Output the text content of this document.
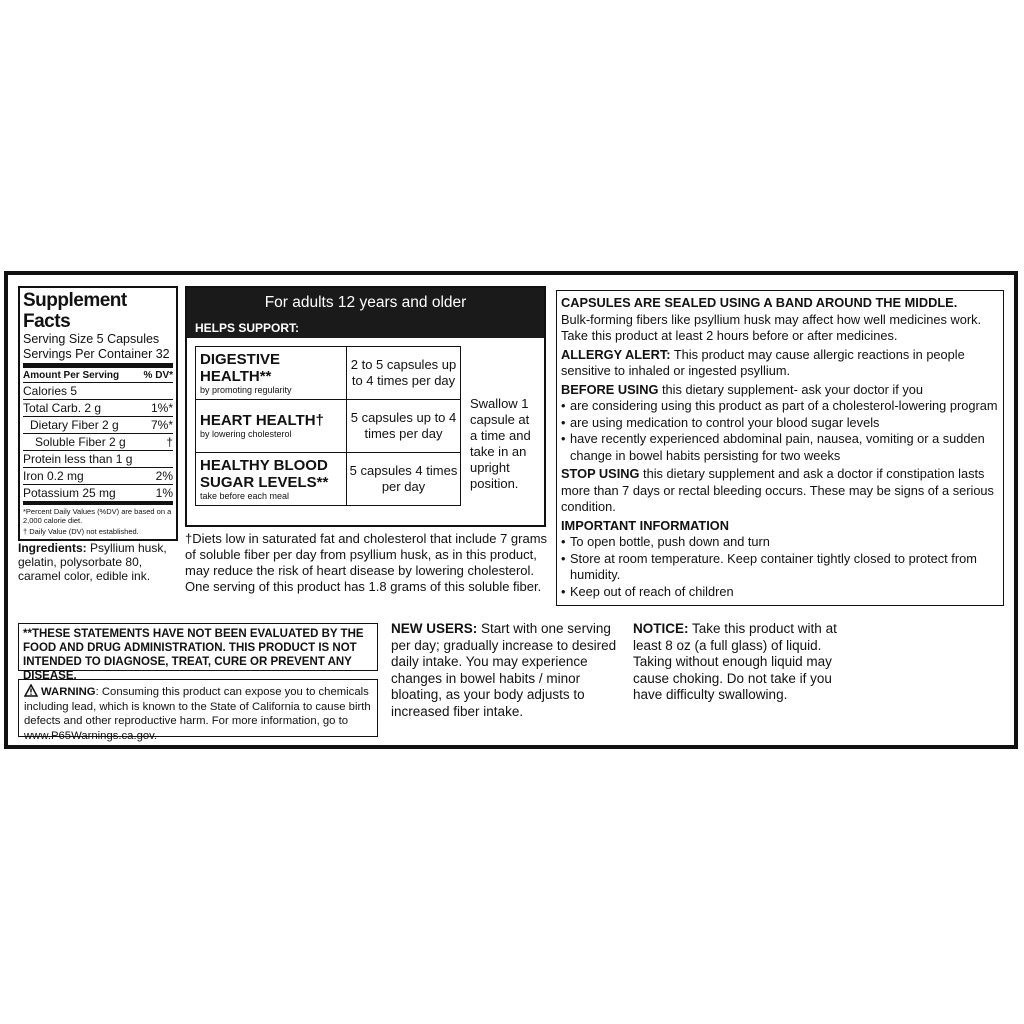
Supplement Facts
Serving Size 5 Capsules
Servings Per Container 32
Amount Per Serving % DV*
Calories 5
Total Carb. 2 g	1%*
Dietary Fiber 2 g	7%*
Soluble Fiber 2 g	†
Protein less than 1 g
Iron 0.2 mg	2%
Potassium 25 mg	1%
*Percent Daily Values (%DV) are based on a 2,000 calorie diet.
† Daily Value (DV) not established.
Ingredients: Psyllium husk, gelatin, polysorbate 80, caramel color, edible ink.
For adults 12 years and older
HELPS SUPPORT:
DIGESTIVE HEALTH**
by promoting regularity	2 to 5 capsules up to 4 times per day

HEART HEALTH†
by lowering cholesterol	5 capsules up to 4 times per day

HEALTHY BLOOD SUGAR LEVELS**
take before each meal	5 capsules 4 times per day
Swallow 1 capsule at a time and take in an upright position.
†Diets low in saturated fat and cholesterol that include 7 grams of soluble fiber per day from psyllium husk, as in this product, may reduce the risk of heart disease by lowering cholesterol. One serving of this product has 1.8 grams of this soluble fiber.

CAPSULES ARE SEALED USING A BAND AROUND THE MIDDLE.

Bulk-forming fibers like psyllium husk may affect how well medicines work. Take this product at least 2 hours before or after medicines.

ALLERGY ALERT: This product may cause allergic reactions in people sensitive to inhaled or ingested psyllium.

BEFORE USING this dietary supplement- ask your doctor if you

• are considering using this product as part of a cholesterol-lowering program
• are using medication to control your blood sugar levels
• have recently experienced abdominal pain, nausea, vomiting or a sudden change in bowel habits persisting for two weeks

STOP USING this dietary supplement and ask a doctor if constipation lasts more than 7 days or rectal bleeding occurs. These may be signs of a serious condition.

IMPORTANT INFORMATION

• To open bottle, push down and turn
• Store at room temperature. Keep container tightly closed to protect from humidity.
• Keep out of reach of children
**THESE STATEMENTS HAVE NOT BEEN EVALUATED BY THE FOOD AND DRUG ADMINISTRATION. THIS PRODUCT IS NOT INTENDED TO DIAGNOSE, TREAT, CURE OR PREVENT ANY DISEASE.
WARNING: Consuming this product can expose you to chemicals including lead, which is known to the State of California to cause birth defects and other reproductive harm. For more information, go to www.P65Warnings.ca.gov.
NEW USERS: Start with one serving per day; gradually increase to desired daily intake. You may experience changes in bowel habits / minor bloating, as your body adjusts to increased fiber intake.
NOTICE: Take this product with at least 8 oz (a full glass) of liquid. Taking without enough liquid may cause choking. Do not take if you have difficulty swallowing.
